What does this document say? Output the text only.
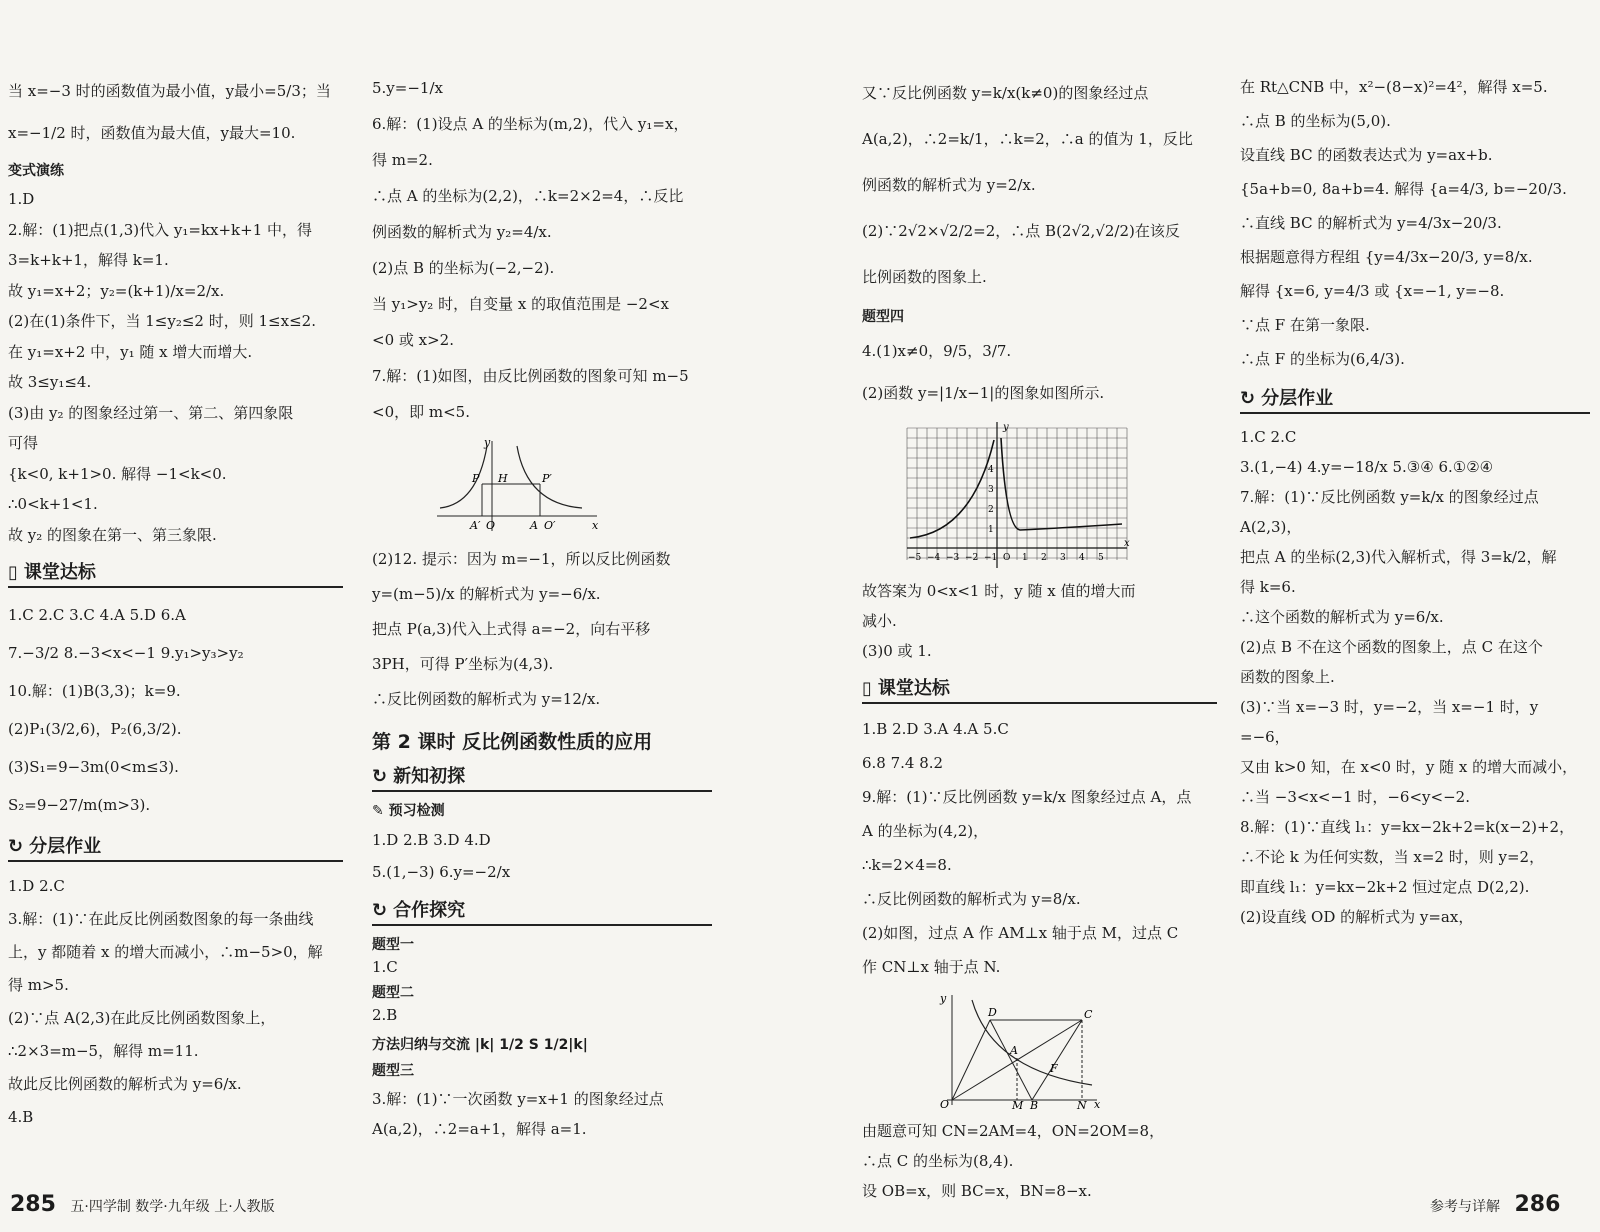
当 x=−3 时的函数值为最小值，y最小=5/3；当
x=−1/2 时，函数值为最大值，y最大=10.
变式演练
1.D
2.解：(1)把点(1,3)代入 y₁=kx+k+1 中，得
3=k+k+1，解得 k=1.
故 y₁=x+2；y₂=(k+1)/x=2/x.
(2)在(1)条件下，当 1≤y₂≤2 时，则 1≤x≤2.
在 y₁=x+2 中，y₁ 随 x 增大而增大.
故 3≤y₁≤4.
(3)由 y₂ 的图象经过第一、第二、第四象限
可得
{k<0, k+1>0. 解得 −1<k<0.
∴0<k+1<1.
故 y₂ 的图象在第一、第三象限.
▯ 课堂达标
1.C 2.C 3.C 4.A 5.D 6.A
7.−3/2 8.−3<x<−1 9.y₁>y₃>y₂
10.解：(1)B(3,3)；k=9.
(2)P₁(3/2,6)，P₂(6,3/2).
(3)S₁=9−3m(0<m≤3).
S₂=9−27/m(m>3).
↻ 分层作业
1.D 2.C
3.解：(1)∵在此反比例函数图象的每一条曲线
上，y 都随着 x 的增大而减小，∴m−5>0，解
得 m>5.
(2)∵点 A(2,3)在此反比例函数图象上，
∴2×3=m−5，解得 m=11.
故此反比例函数的解析式为 y=6/x.
4.B
5.y=−1/x
6.解：(1)设点 A 的坐标为(m,2)，代入 y₁=x，
得 m=2.
∴点 A 的坐标为(2,2)，∴k=2×2=4，∴反比
例函数的解析式为 y₂=4/x.
(2)点 B 的坐标为(−2,−2).
当 y₁>y₂ 时，自变量 x 的取值范围是 −2<x
<0 或 x>2.
7.解：(1)如图，由反比例函数的图象可知 m−5
<0，即 m<5.
y
P H	P′
A′ O	A O′	x
(2)12. 提示：因为 m=−1，所以反比例函数
y=(m−5)/x 的解析式为 y=−6/x.
把点 P(a,3)代入上式得 a=−2，向右平移
3PH，可得 P′坐标为(4,3).
∴反比例函数的解析式为 y=12/x.
第 2 课时 反比例函数性质的应用
↻ 新知初探
✎ 预习检测
1.D 2.B 3.D 4.D
5.(1,−3) 6.y=−2/x
↻ 合作探究
题型一
1.C
题型二
2.B
方法归纳与交流 |k| 1/2 S 1/2|k|
题型三
3.解：(1)∵一次函数 y=x+1 的图象经过点
A(a,2)，∴2=a+1，解得 a=1.
又∵反比例函数 y=k/x(k≠0)的图象经过点
A(a,2)，∴2=k/1，∴k=2，∴a 的值为 1，反比
例函数的解析式为 y=2/x.
(2)∵2√2×√2/2=2，∴点 B(2√2,√2/2)在该反
比例函数的图象上.
题型四
4.(1)x≠0，9/5，3/7.
(2)函数 y=|1/x−1|的图象如图所示.
−5 −4 −3 −2 −1 O 1 2 3 4 5
4
3
2
1
y
x
故答案为 0<x<1 时，y 随 x 值的增大而
减小.
(3)0 或 1.
▯ 课堂达标
1.B 2.D 3.A 4.A 5.C
6.8 7.4 8.2
9.解：(1)∵反比例函数 y=k/x 图象经过点 A，点
A 的坐标为(4,2)，
∴k=2×4=8.
∴反比例函数的解析式为 y=8/x.
(2)如图，过点 A 作 AM⊥x 轴于点 M，过点 C
作 CN⊥x 轴于点 N.
y
D	C
A
F
O	M B	N x
由题意可知 CN=2AM=4，ON=2OM=8，
∴点 C 的坐标为(8,4).
设 OB=x，则 BC=x，BN=8−x.
在 Rt△CNB 中，x²−(8−x)²=4²，解得 x=5.
∴点 B 的坐标为(5,0).
设直线 BC 的函数表达式为 y=ax+b.
{5a+b=0, 8a+b=4. 解得 {a=4/3, b=−20/3.
∴直线 BC 的解析式为 y=4/3x−20/3.
根据题意得方程组 {y=4/3x−20/3, y=8/x.
解得 {x=6, y=4/3 或 {x=−1, y=−8.
∵点 F 在第一象限.
∴点 F 的坐标为(6,4/3).
↻ 分层作业
1.C 2.C
3.(1,−4) 4.y=−18/x 5.③④ 6.①②④
7.解：(1)∵反比例函数 y=k/x 的图象经过点
A(2,3)，
把点 A 的坐标(2,3)代入解析式，得 3=k/2，解
得 k=6.
∴这个函数的解析式为 y=6/x.
(2)点 B 不在这个函数的图象上，点 C 在这个
函数的图象上.
(3)∵当 x=−3 时，y=−2，当 x=−1 时，y
=−6，
又由 k>0 知，在 x<0 时，y 随 x 的增大而减小，
∴当 −3<x<−1 时，−6<y<−2.
8.解：(1)∵直线 l₁：y=kx−2k+2=k(x−2)+2，
∴不论 k 为任何实数，当 x=2 时，则 y=2，
即直线 l₁：y=kx−2k+2 恒过定点 D(2,2).
(2)设直线 OD 的解析式为 y=ax，
285 五·四学制 数学·九年级 上·人教版	参考与详解 286
